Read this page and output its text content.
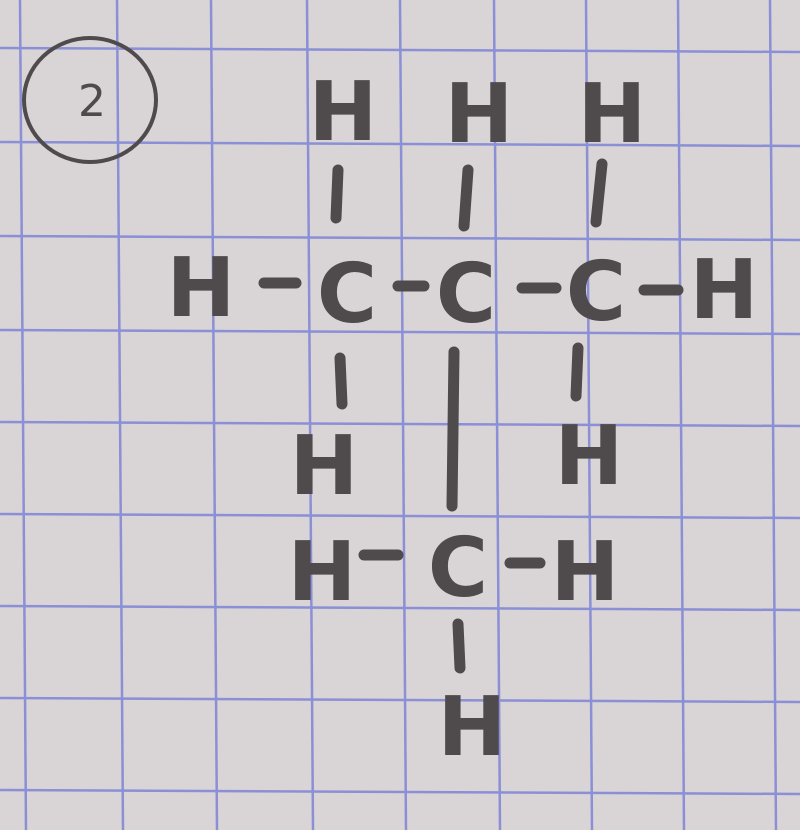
2 H H H
H C C C H
H H
H C H
H
